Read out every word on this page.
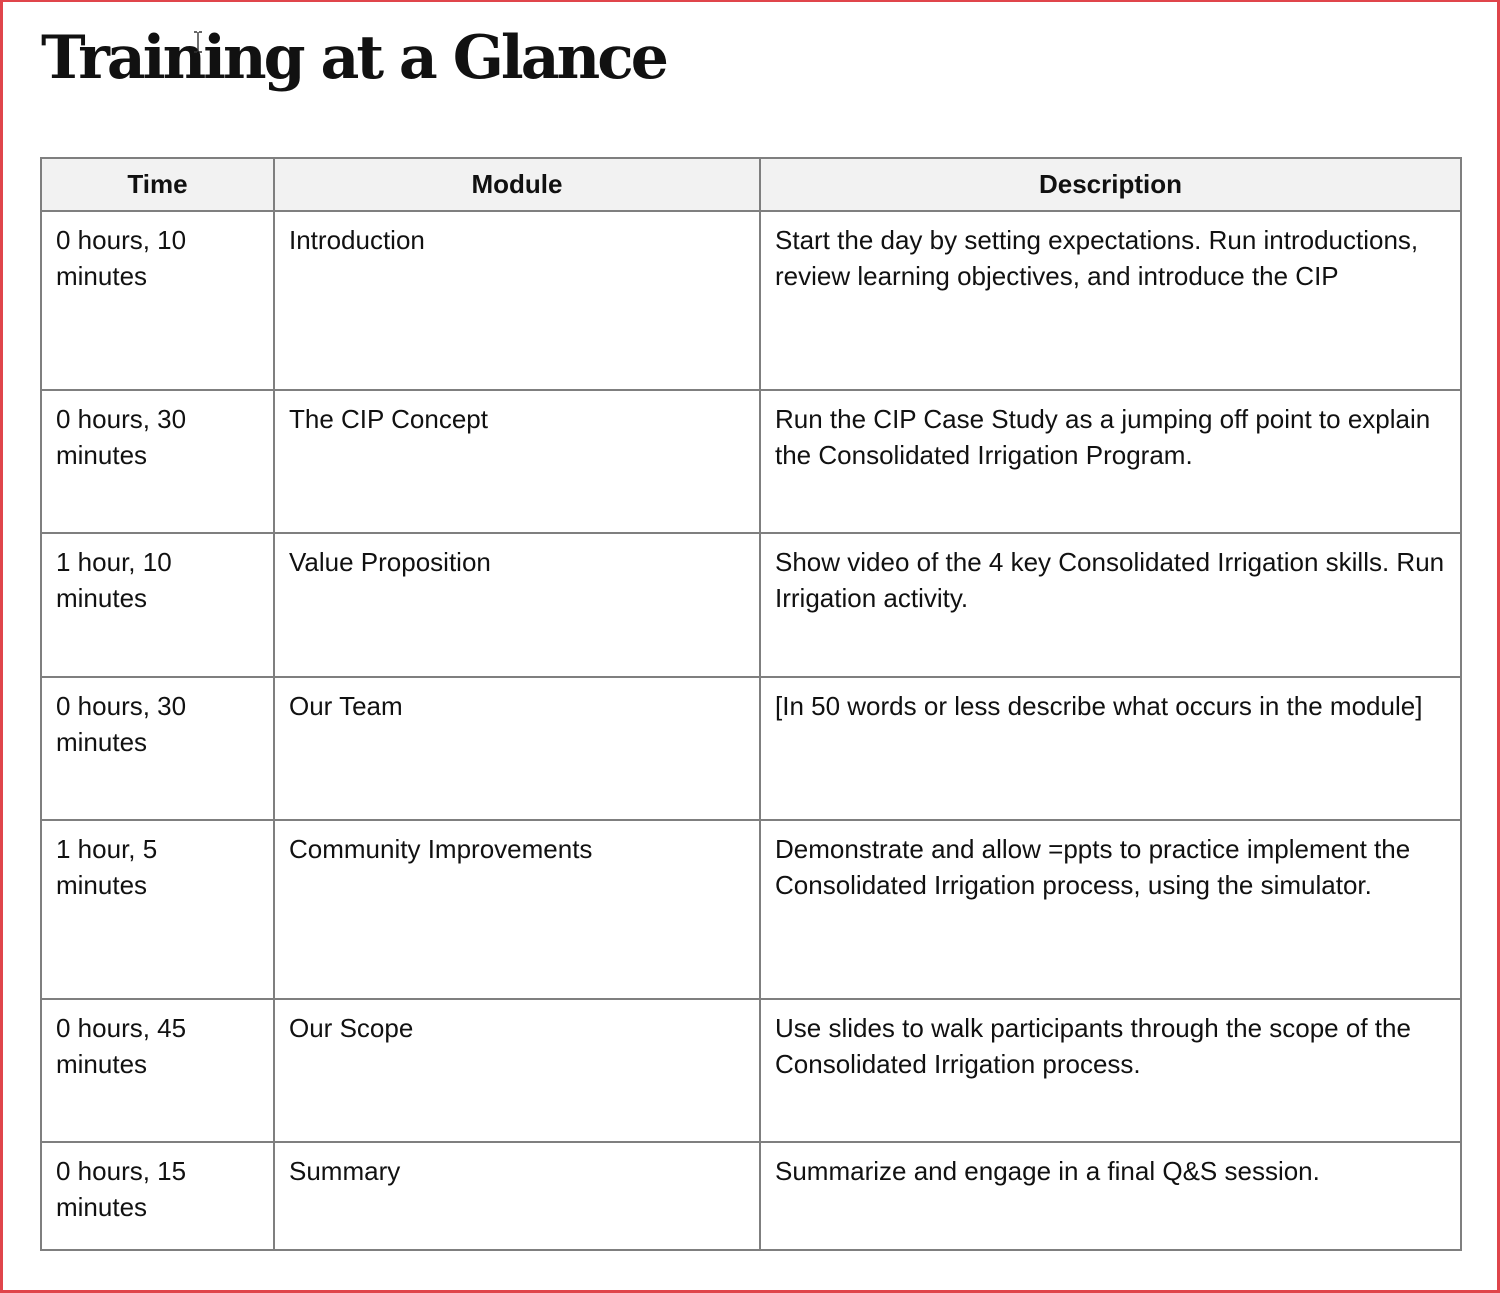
Training at a Glance
Time	Module	Description
0 hours, 10 minutes	Introduction	Start the day by setting expectations. Run introductions, review learning objectives, and introduce the CIP
0 hours, 30 minutes	The CIP Concept	Run the CIP Case Study as a jumping off point to explain the Consolidated Irrigation Program.
1 hour, 10 minutes	Value Proposition	Show video of the 4 key Consolidated Irrigation skills. Run Irrigation activity.
0 hours, 30 minutes	Our Team	[In 50 words or less describe what occurs in the module]
1 hour, 5 minutes	Community Improvements	Demonstrate and allow =ppts to practice implement the Consolidated Irrigation process, using the simulator.
0 hours, 45 minutes	Our Scope	Use slides to walk participants through the scope of the Consolidated Irrigation process.
0 hours, 15 minutes	Summary	Summarize and engage in a final Q&S session.
